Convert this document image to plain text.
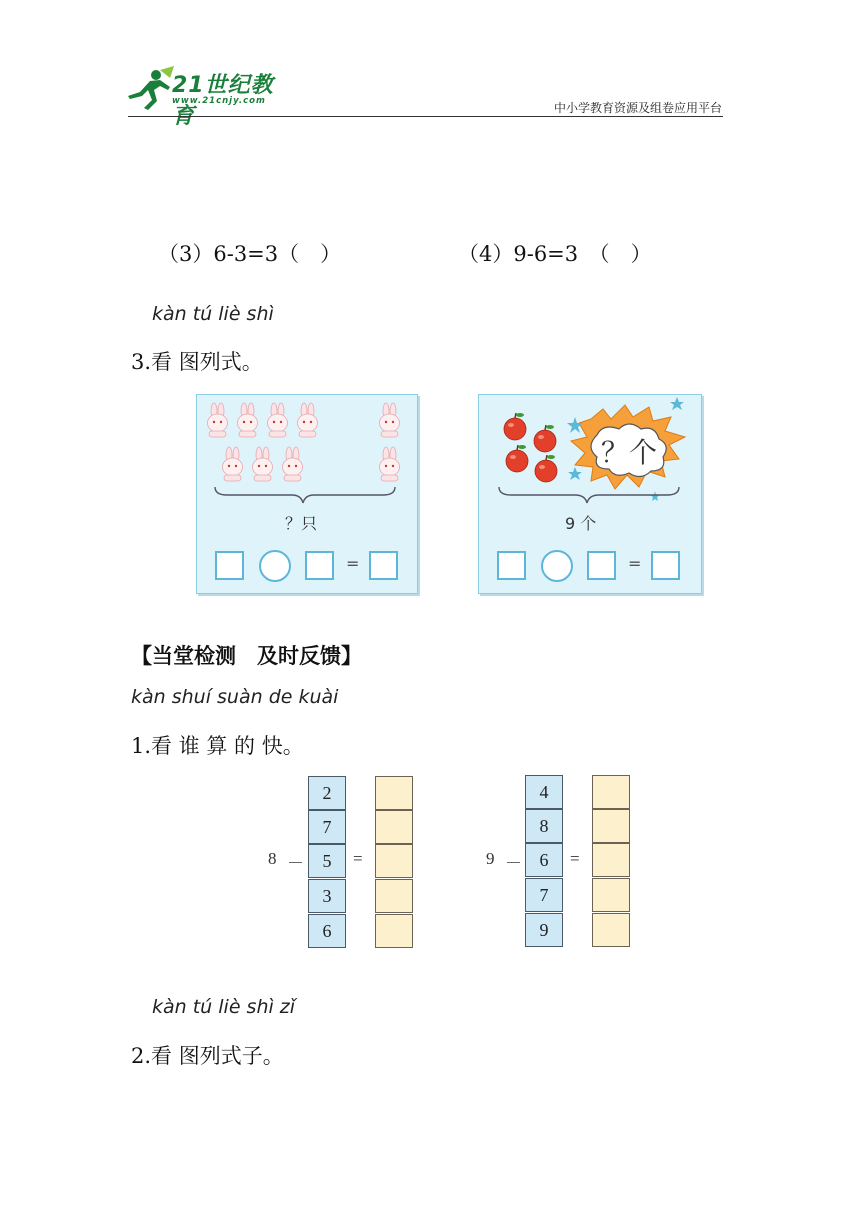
21世纪教育
www.21cnjy.com	中小学教育资源及组卷应用平台
（3）6-3=3（　）	（4）9-6=3　（　）
kàn tú liè shì
3.看 图列式。
？只
=
？个
9 个
=
【当堂检测　及时反馈】
kàn shuí suàn de kuài
1.看 谁 算 的 快。
8 －
2
7
5
3
6
=	9 －
4
8
6
7
9
=
kàn tú liè shì zǐ
2.看 图列式子。
